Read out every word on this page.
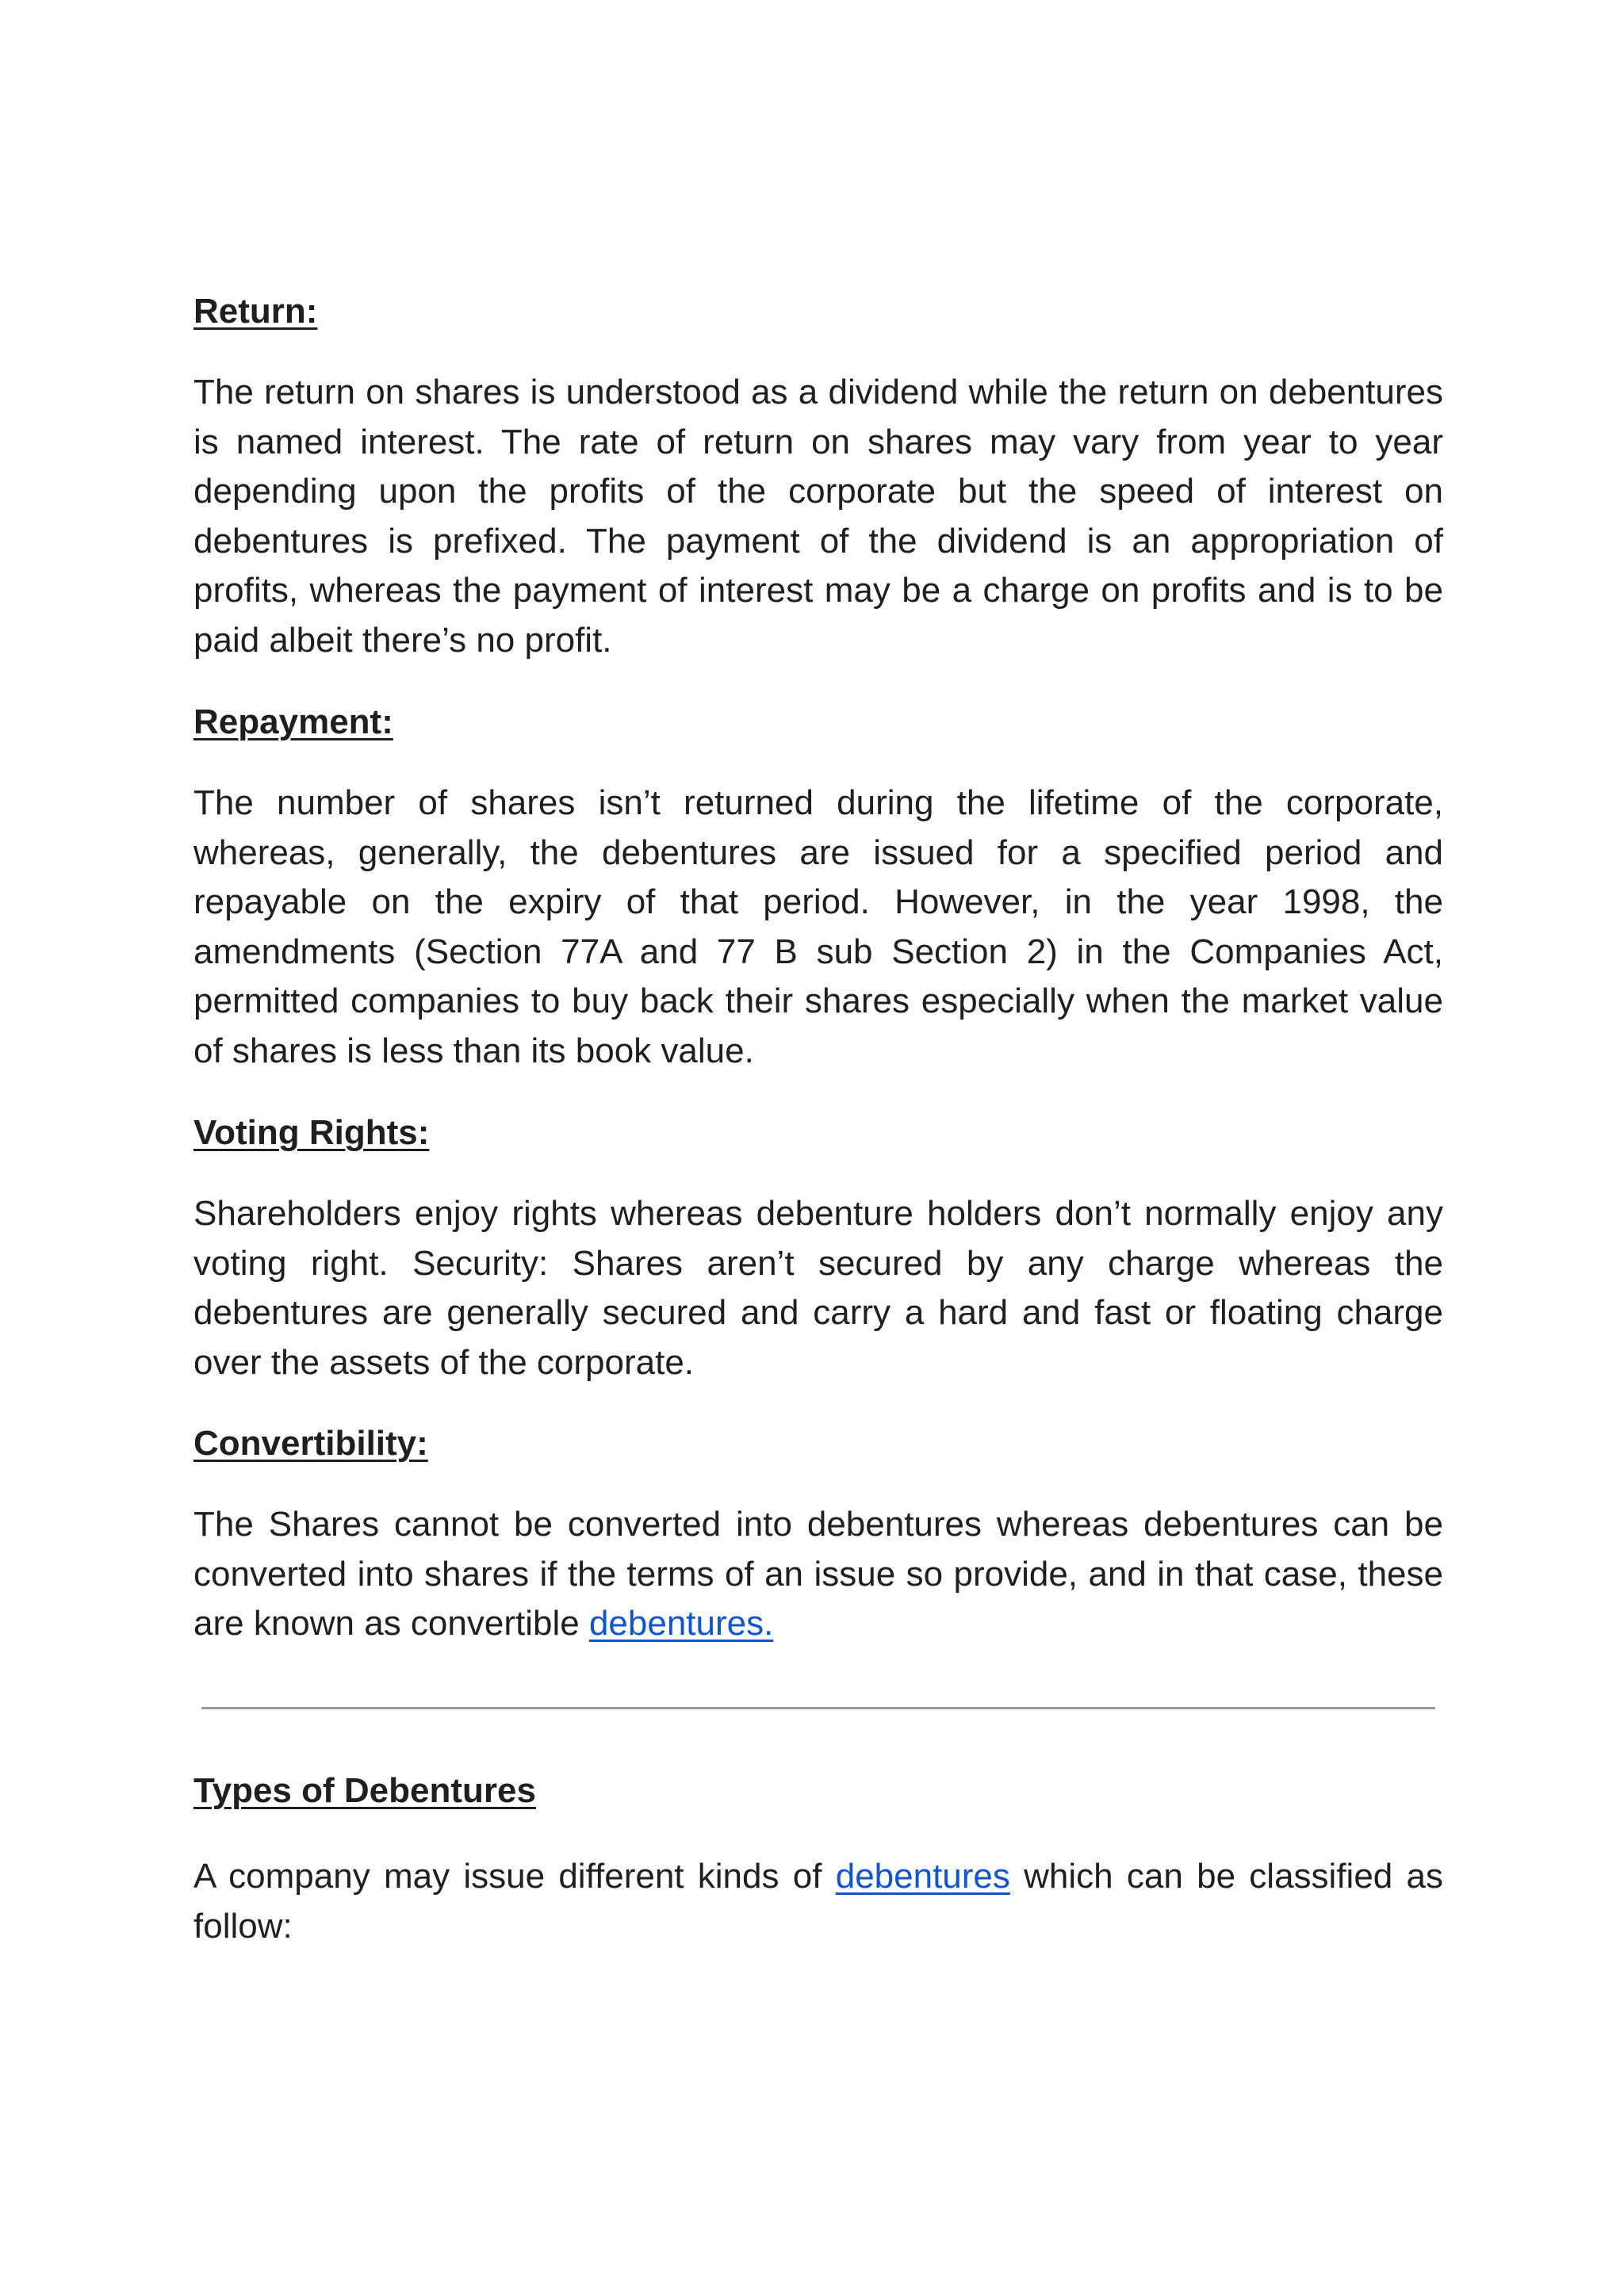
Return:

The return on shares is understood as a dividend while the return on debentures is named interest. The rate of return on shares may vary from year to year depending upon the profits of the corporate but the speed of interest on debentures is prefixed. The payment of the dividend is an appropriation of profits, whereas the payment of interest may be a charge on profits and is to be paid albeit there’s no profit.

Repayment:

The number of shares isn’t returned during the lifetime of the corporate, whereas, generally, the debentures are issued for a specified period and repayable on the expiry of that period. However, in the year 1998, the amendments (Section 77A and 77 B sub Section 2) in the Companies Act, permitted companies to buy back their shares especially when the market value of shares is less than its book value.

Voting Rights:

Shareholders enjoy rights whereas debenture holders don’t normally enjoy any voting right. Security: Shares aren’t secured by any charge whereas the debentures are generally secured and carry a hard and fast or floating charge over the assets of the corporate.

Convertibility:

The Shares cannot be converted into debentures whereas debentures can be converted into shares if the terms of an issue so provide, and in that case, these are known as convertible debentures.

Types of Debentures

A company may issue different kinds of debentures which can be classified as follow:
